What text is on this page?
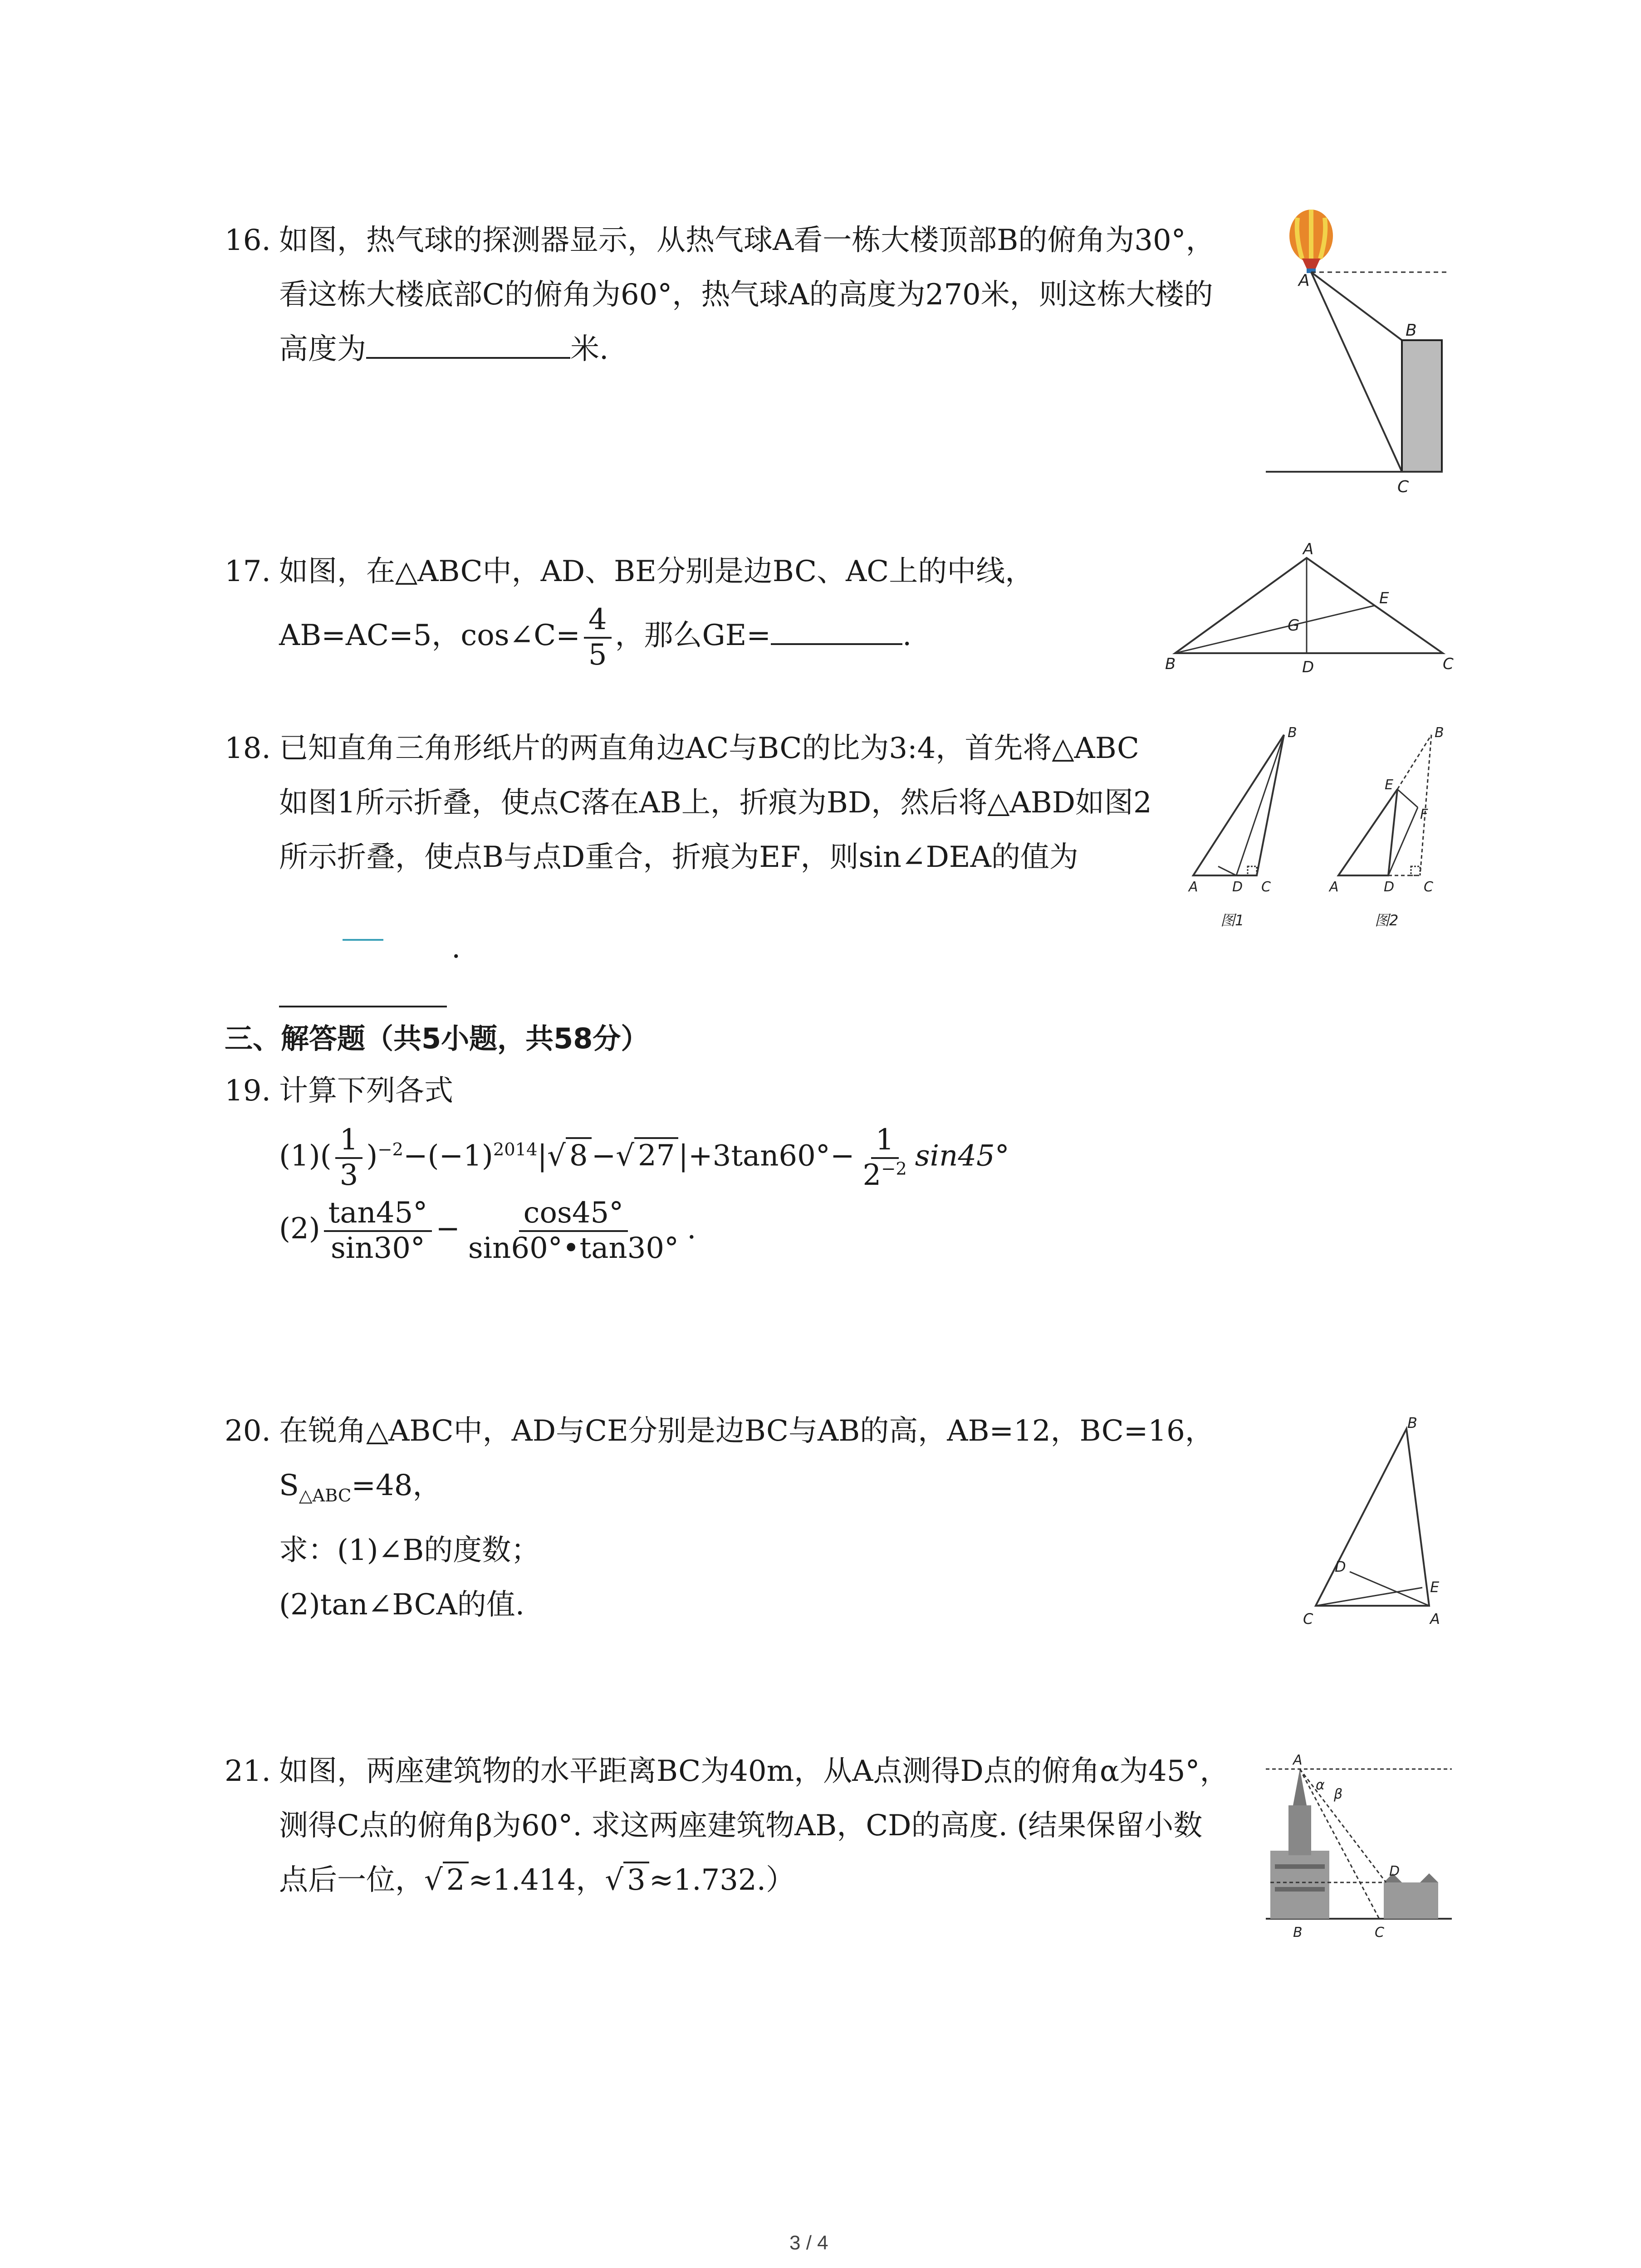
16. 如图，热气球的探测器显示，从热气球A看一栋大楼顶部B的俯角为30°，
看这栋大楼底部C的俯角为60°，热气球A的高度为270米，则这栋大楼的
高度为	米.
A
B
C
17. 如图，在△ABC中，AD、BE分别是边BC、AC上的中线，
AB=AC=5，cos∠C= $\frac{4}{5}$ ，那么GE=	.
A
B	C
D
E
G
18. 已知直角三角形纸片的两直角边AC与BC的比为3:4，首先将△ABC
如图1所示折叠，使点C落在AB上，折痕为BD，然后将△ABD如图2
所示折叠，使点B与点D重合，折痕为EF，则sin∠DEA的值为
.
A	D C
B
图1
A	D C
B
E
F
图2
三、解答题（共5小题，共58分）
19. 计算下列各式
$(1)( \frac{1}{3} )^{-2}-(-1)^{2014}|√$ 8 −√ 27 $|+3\tan 60^\circ- \frac{1}{2^{-2}} \sin 45^\circ$
$(2) \frac{\tan 45^\circ}{\sin 30^\circ} - \frac{\cos 45^\circ}{\sin 60^\circ•\tan 30^\circ}$ .
20. 在锐角△ABC中，AD与CE分别是边BC与AB的高，AB=12，BC=16，
$S_{\triangle ABC}=48$，
求：(1)∠B的度数；
(2)tan∠BCA的值.
B
C	A
D
E
21. 如图，两座建筑物的水平距离BC为40m，从A点测得D点的俯角α为45°，
测得C点的俯角β为60°. 求这两座建筑物AB，CD的高度. (结果保留小数
点后一位，√ 2 ≈1.414，√ 3 ≈1.732.）
A
α
β
D
B	C
3 / 4
